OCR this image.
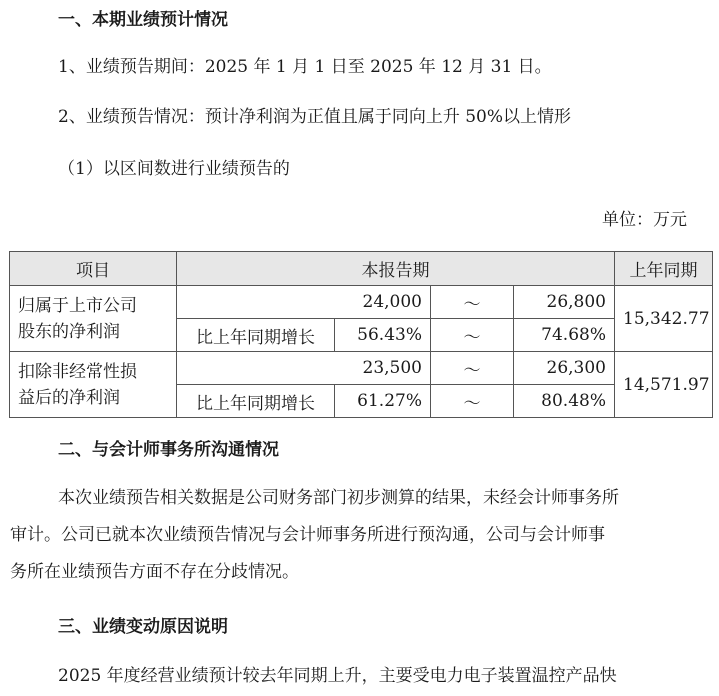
一、本期业绩预计情况
1、业绩预告期间：2025 年 1 月 1 日至 2025 年 12 月 31 日。
2、业绩预告情况：预计净利润为正值且属于同向上升 50%以上情形
（1）以区间数进行业绩预告的
单位：万元
项目	本报告期				上年同期

归属于上市公司
股东的净利润	24,000		～	26,800	15,342.77
	比上年同期增长	56.43%	～	74.68%	

扣除非经常性损
益后的净利润	23,500		～	26,300	14,571.97
	比上年同期增长	61.27%	～	80.48%	
二、与会计师事务所沟通情况
本次业绩预告相关数据是公司财务部门初步测算的结果，未经会计师事务所
审计。公司已就本次业绩预告情况与会计师事务所进行预沟通，公司与会计师事
务所在业绩预告方面不存在分歧情况。
三、业绩变动原因说明
2025 年度经营业绩预计较去年同期上升，主要受电力电子装置温控产品快
